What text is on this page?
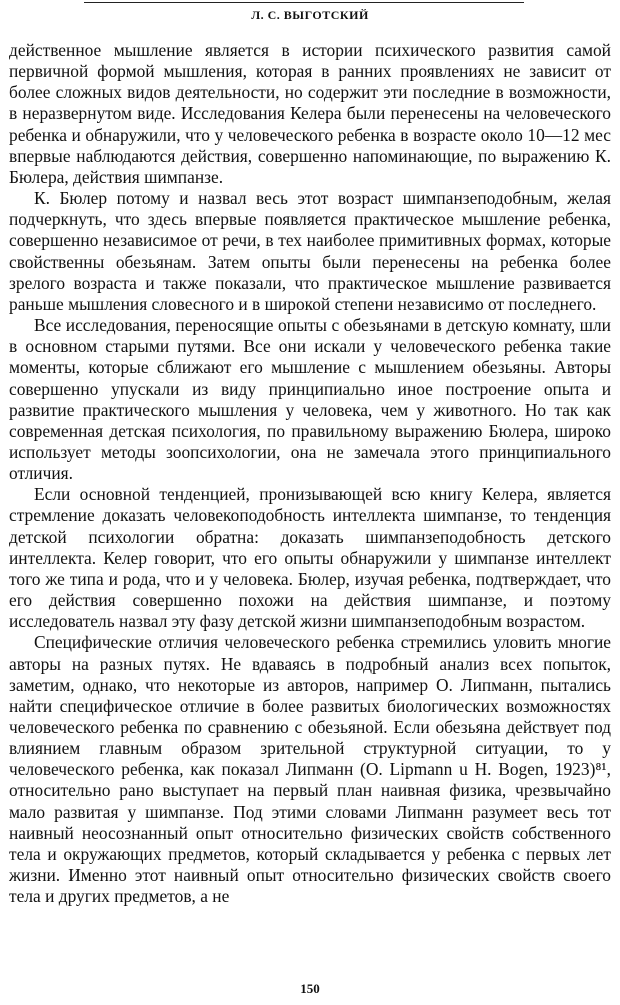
Л. С. ВЫГОТСКИЙ

действенное мышление является в истории психического развития самой первичной формой мышления, которая в ранних проявлениях не зависит от более сложных видов деятельности, но содержит эти последние в возможности, в неразвернутом виде. Исследования Келера были перенесены на человеческого ребенка и обнаружили, что у человеческого ребенка в возрасте около 10—12 мес впервые наблюдаются действия, совершенно напоминающие, по выражению К. Бюлера, действия шимпанзе.

К. Бюлер потому и назвал весь этот возраст шимпанзеподобным, желая подчеркнуть, что здесь впервые появляется практическое мышление ребенка, совершенно независимое от речи, в тех наиболее примитивных формах, которые свойственны обезьянам. Затем опыты были перенесены на ребенка более зрелого возраста и также показали, что практическое мышление развивается раньше мышления словесного и в широкой степени независимо от последнего.

Все исследования, переносящие опыты с обезьянами в детскую комнату, шли в основном старыми путями. Все они искали у человеческого ребенка такие моменты, которые сближают его мышление с мышлением обезьяны. Авторы совершенно упускали из виду принципиально иное построение опыта и развитие практического мышления у человека, чем у животного. Но так как современная детская психология, по правильному выражению Бюлера, широко использует методы зоопсихологии, она не замечала этого принципиального отличия.

Если основной тенденцией, пронизывающей всю книгу Келера, является стремление доказать человекоподобность интеллекта шимпанзе, то тенденция детской психологии обратна: доказать шимпанзеподобность детского интеллекта. Келер говорит, что его опыты обнаружили у шимпанзе интеллект того же типа и рода, что и у человека. Бюлер, изучая ребенка, подтверждает, что его действия совершенно похожи на действия шимпанзе, и поэтому исследователь назвал эту фазу детской жизни шимпанзеподобным возрастом.

Специфические отличия человеческого ребенка стремились уловить многие авторы на разных путях. Не вдаваясь в подробный анализ всех попыток, заметим, однако, что некоторые из авторов, например О. Липманн, пытались найти специфическое отличие в более развитых биологических возможностях человеческого ребенка по сравнению с обезьяной. Если обезьяна действует под влиянием главным образом зрительной структурной ситуации, то у человеческого ребенка, как показал Липманн (O. Lipmann u H. Bogen, 1923)⁸¹, относительно рано выступает на первый план наивная физика, чрезвычайно мало развитая у шимпанзе. Под этими словами Липманн разумеет весь тот наивный неосознанный опыт относительно физических свойств собственного тела и окружающих предметов, который складывается у ребенка с первых лет жизни. Именно этот наивный опыт относительно физических свойств своего тела и других предметов, а не

150
